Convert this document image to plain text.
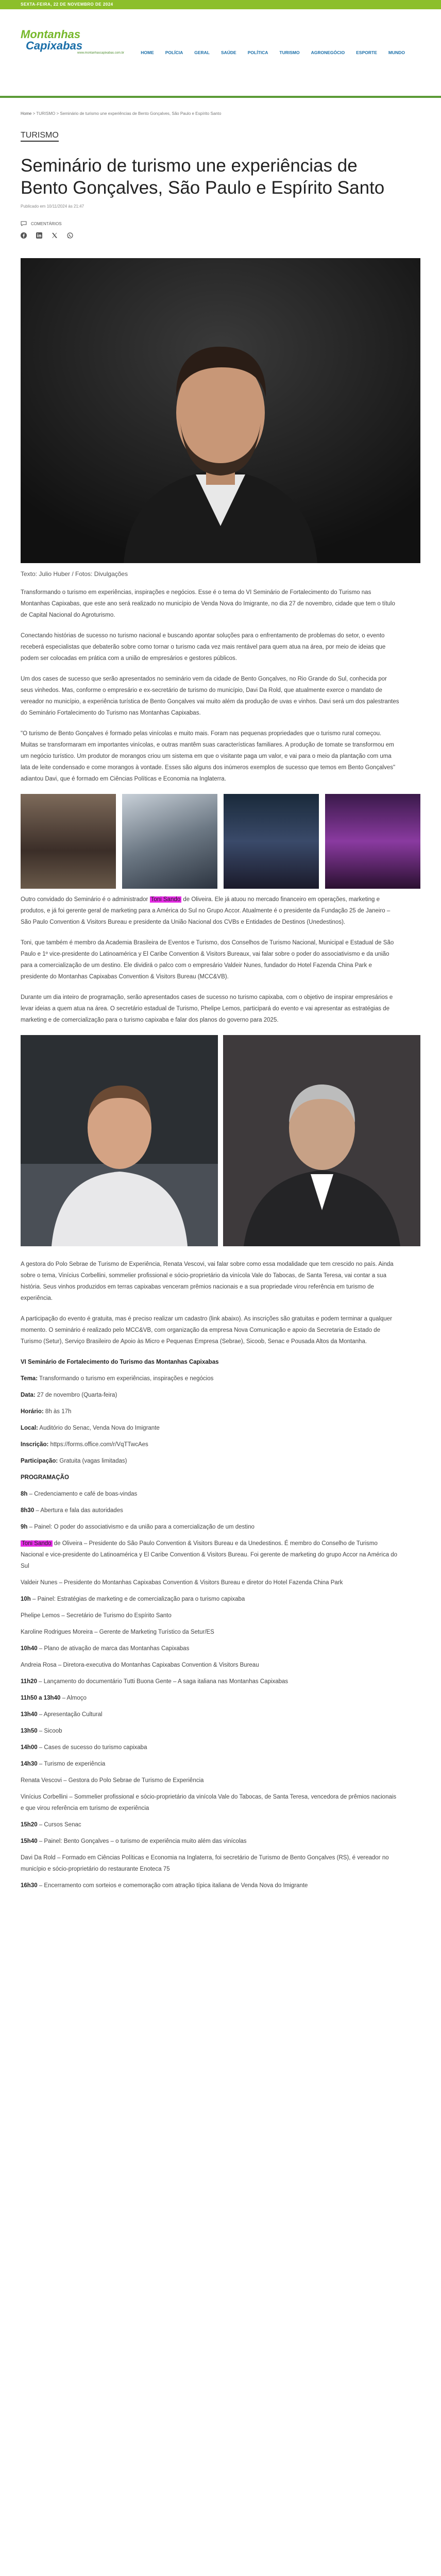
SEXTA-FEIRA, 22 DE NOVEMBRO DE 2024
Montanhas
Capixabas
www.montanhascapixabas.com.br	HOME	POLÍCIA	GERAL	SAÚDE	POLÍTICA	TURISMO	AGRONEGÓCIO	ESPORTE	MUNDO
Home > TURISMO > Seminário de turismo une experiências de Bento Gonçalves, São Paulo e Espírito Santo
TURISMO
Seminário de turismo une experiências de Bento Gonçalves, São Paulo e Espírito Santo
Publicado em 10/11/2024 às 21:47
COMENTÁRIOS
Texto: Julio Huber / Fotos: Divulgações

Transformando o turismo em experiências, inspirações e negócios. Esse é o tema do VI Seminário de Fortalecimento do Turismo nas Montanhas Capixabas, que este ano será realizado no município de Venda Nova do Imigrante, no dia 27 de novembro, cidade que tem o título de Capital Nacional do Agroturismo.

Conectando histórias de sucesso no turismo nacional e buscando apontar soluções para o enfrentamento de problemas do setor, o evento receberá especialistas que debaterão sobre como tornar o turismo cada vez mais rentável para quem atua na área, por meio de ideias que podem ser colocadas em prática com a união de empresários e gestores públicos.

Um dos cases de sucesso que serão apresentados no seminário vem da cidade de Bento Gonçalves, no Rio Grande do Sul, conhecida por seus vinhedos. Mas, conforme o empresário e ex-secretário de turismo do município, Davi Da Rold, que atualmente exerce o mandato de vereador no município, a experiência turística de Bento Gonçalves vai muito além da produção de uvas e vinhos. Davi será um dos palestrantes do Seminário Fortalecimento do Turismo nas Montanhas Capixabas.

"O turismo de Bento Gonçalves é formado pelas vinícolas e muito mais. Foram nas pequenas propriedades que o turismo rural começou. Muitas se transformaram em importantes vinícolas, e outras mantêm suas características familiares. A produção de tomate se transformou em um negócio turístico. Um produtor de morangos criou um sistema em que o visitante paga um valor, e vai para o meio da plantação com uma lata de leite condensado e come morangos à vontade. Esses são alguns dos inúmeros exemplos de sucesso que temos em Bento Gonçalves" adiantou Davi, que é formado em Ciências Políticas e Economia na Inglaterra.

Outro convidado do Seminário é o administrador Toni Sando de Oliveira. Ele já atuou no mercado financeiro em operações, marketing e produtos, e já foi gerente geral de marketing para a América do Sul no Grupo Accor. Atualmente é o presidente da Fundação 25 de Janeiro – São Paulo Convention & Visitors Bureau e presidente da União Nacional dos CVBs e Entidades de Destinos (Unedestinos).

Toni, que também é membro da Academia Brasileira de Eventos e Turismo, dos Conselhos de Turismo Nacional, Municipal e Estadual de São Paulo e 1º vice-presidente do Latinoamérica y El Caribe Convention & Visitors Bureaux, vai falar sobre o poder do associativismo e da união para a comercialização de um destino. Ele dividirá o palco com o empresário Valdeir Nunes, fundador do Hotel Fazenda China Park e presidente do Montanhas Capixabas Convention & Visitors Bureau (MCC&VB).

Durante um dia inteiro de programação, serão apresentados cases de sucesso no turismo capixaba, com o objetivo de inspirar empresários e levar ideias a quem atua na área. O secretário estadual de Turismo, Phelipe Lemos, participará do evento e vai apresentar as estratégias de marketing e de comercialização para o turismo capixaba e falar dos planos do governo para 2025.

A gestora do Polo Sebrae de Turismo de Experiência, Renata Vescovi, vai falar sobre como essa modalidade que tem crescido no país. Ainda sobre o tema, Vinícius Corbellini, sommelier profissional e sócio-proprietário da vinícola Vale do Tabocas, de Santa Teresa, vai contar a sua história. Seus vinhos produzidos em terras capixabas venceram prêmios nacionais e a sua propriedade virou referência em turismo de experiência.

A participação do evento é gratuita, mas é preciso realizar um cadastro (link abaixo). As inscrições são gratuitas e podem terminar a qualquer momento. O seminário é realizado pelo MCC&VB, com organização da empresa Nova Comunicação e apoio da Secretaria de Estado de Turismo (Setur), Serviço Brasileiro de Apoio às Micro e Pequenas Empresa (Sebrae), Sicoob, Senac e Pousada Altos da Montanha.

VI Seminário de Fortalecimento do Turismo das Montanhas Capixabas
Tema: Transformando o turismo em experiências, inspirações e negócios
Data: 27 de novembro (Quarta-feira)
Horário: 8h às 17h
Local: Auditório do Senac, Venda Nova do Imigrante
Inscrição: https://forms.office.com/r/VqTTwcAes
Participação: Gratuita (vagas limitadas)
PROGRAMAÇÃO
8h – Credenciamento e café de boas-vindas
8h30 – Abertura e fala das autoridades
9h – Painel: O poder do associativismo e da união para a comercialização de um destino
Toni Sando de Oliveira – Presidente do São Paulo Convention & Visitors Bureau e da Unedestinos. É membro do Conselho de Turismo Nacional e vice-presidente do Latinoamérica y El Caribe Convention & Visitors Bureau. Foi gerente de marketing do grupo Accor na América do Sul
Valdeir Nunes – Presidente do Montanhas Capixabas Convention & Visitors Bureau e diretor do Hotel Fazenda China Park
10h – Painel: Estratégias de marketing e de comercialização para o turismo capixaba
Phelipe Lemos – Secretário de Turismo do Espírito Santo
Karoline Rodrigues Moreira – Gerente de Marketing Turístico da Setur/ES
10h40 – Plano de ativação de marca das Montanhas Capixabas
Andreia Rosa – Diretora-executiva do Montanhas Capixabas Convention & Visitors Bureau
11h20 – Lançamento do documentário Tutti Buona Gente – A saga italiana nas Montanhas Capixabas
11h50 a 13h40 – Almoço
13h40 – Apresentação Cultural
13h50 – Sicoob
14h00 – Cases de sucesso do turismo capixaba
14h30 – Turismo de experiência
Renata Vescovi – Gestora do Polo Sebrae de Turismo de Experiência
Vinícius Corbellini – Sommelier profissional e sócio-proprietário da vinícola Vale do Tabocas, de Santa Teresa, vencedora de prêmios nacionais e que virou referência em turismo de experiência
15h20 – Cursos Senac
15h40 – Painel: Bento Gonçalves – o turismo de experiência muito além das vinícolas
Davi Da Rold – Formado em Ciências Políticas e Economia na Inglaterra, foi secretário de Turismo de Bento Gonçalves (RS), é vereador no município e sócio-proprietário do restaurante Enoteca 75
16h30 – Encerramento com sorteios e comemoração com atração típica italiana de Venda Nova do Imigrante
